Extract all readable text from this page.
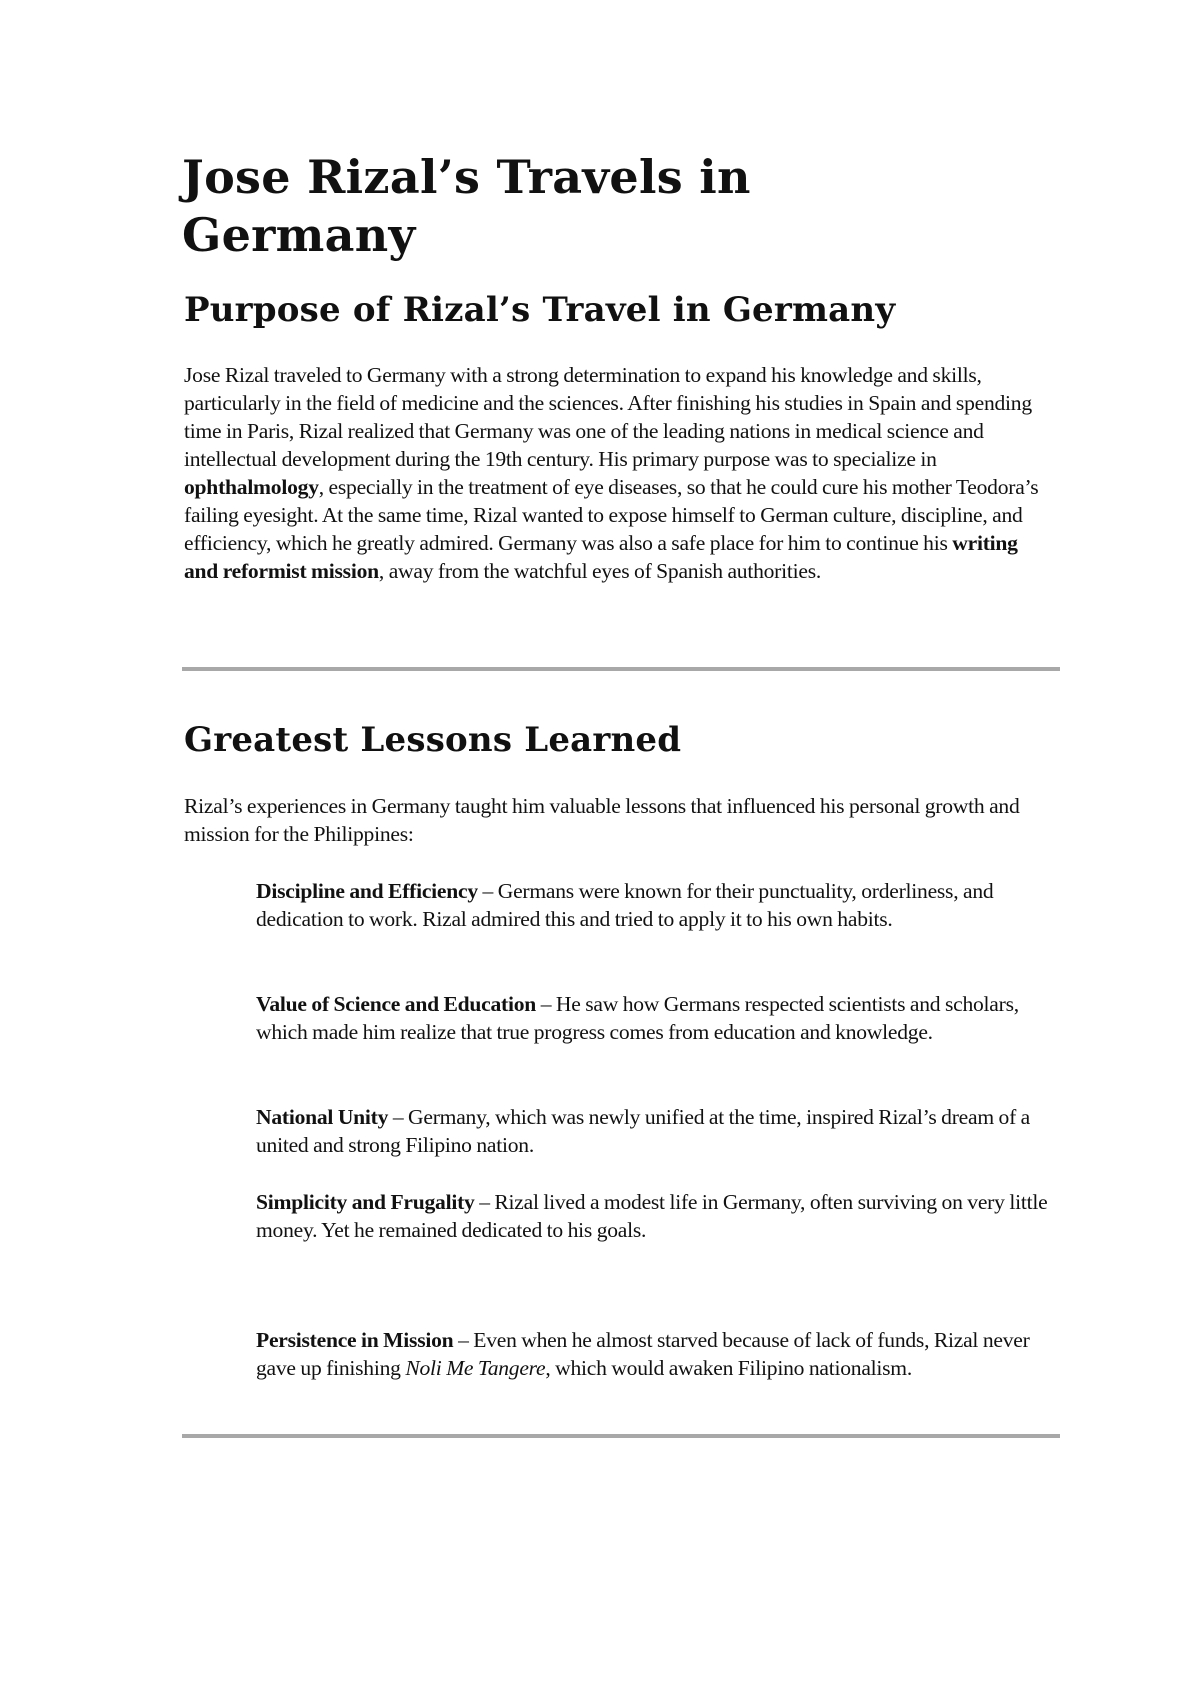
Jose Rizal’s Travels in Germany
Purpose of Rizal’s Travel in Germany

Jose Rizal traveled to Germany with a strong determination to expand his knowledge and skills, particularly in the field of medicine and the sciences. After finishing his studies in Spain and spending time in Paris, Rizal realized that Germany was one of the leading nations in medical science and intellectual development during the 19th century. His primary purpose was to specialize in ophthalmology, especially in the treatment of eye diseases, so that he could cure his mother Teodora’s failing eyesight. At the same time, Rizal wanted to expose himself to German culture, discipline, and efficiency, which he greatly admired. Germany was also a safe place for him to continue his writing and reformist mission, away from the watchful eyes of Spanish authorities.

Greatest Lessons Learned

Rizal’s experiences in Germany taught him valuable lessons that influenced his personal growth and mission for the Philippines:

Discipline and Efficiency – Germans were known for their punctuality, orderliness, and dedication to work. Rizal admired this and tried to apply it to his own habits.

Value of Science and Education – He saw how Germans respected scientists and scholars, which made him realize that true progress comes from education and knowledge.

National Unity – Germany, which was newly unified at the time, inspired Rizal’s dream of a united and strong Filipino nation.

Simplicity and Frugality – Rizal lived a modest life in Germany, often surviving on very little money. Yet he remained dedicated to his goals.

Persistence in Mission – Even when he almost starved because of lack of funds, Rizal never gave up finishing Noli Me Tangere, which would awaken Filipino nationalism.
